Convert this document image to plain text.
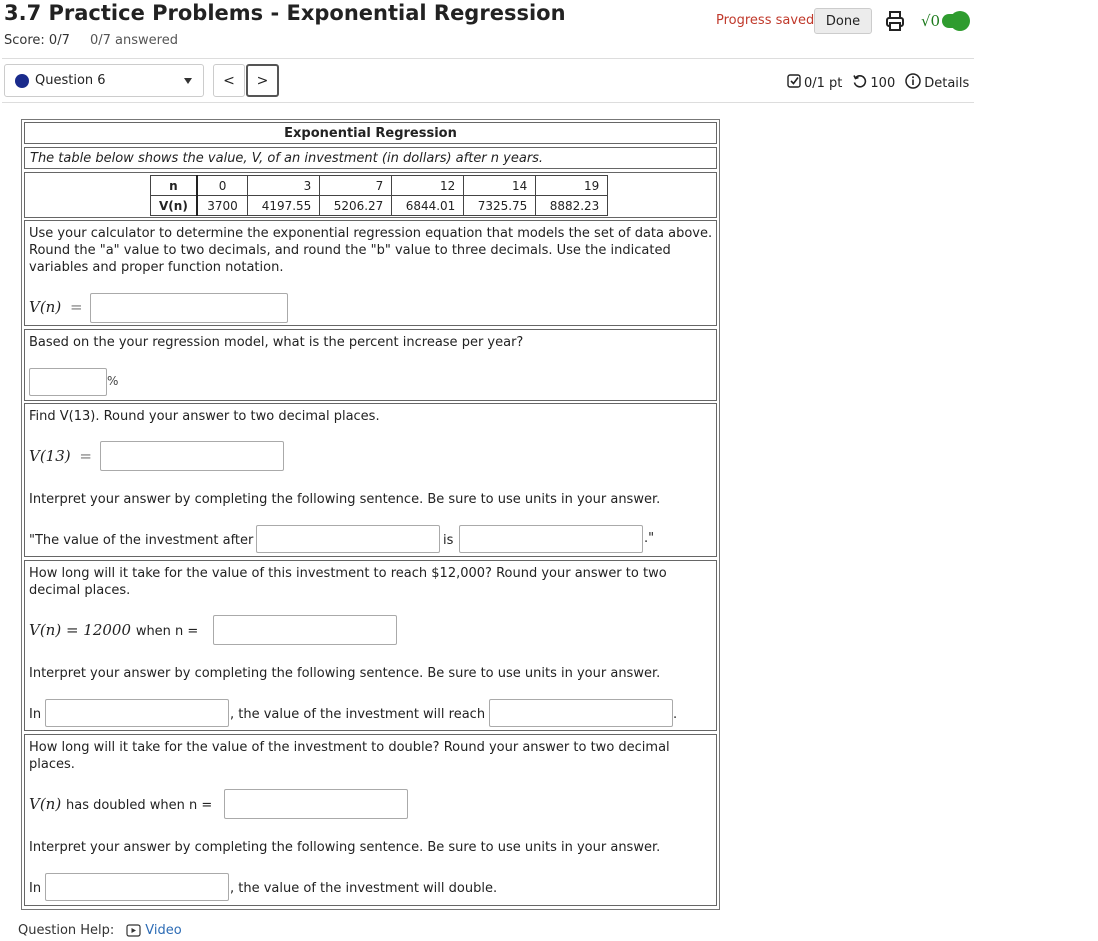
3.7 Practice Problems - Exponential Regression
Score: 0/7 0/7 answered
Progress saved Done	√0
Question 6	<	>	0/1 pt 100 Details
Exponential Regression
The table below shows the value, V, of an investment (in dollars) after n years.
n	0	3	7	12	14	19
V(n)	3700	4197.55	5206.27	6844.01	7325.75	8882.23
Use your calculator to determine the exponential regression equation that models the set of data above. Round the "a" value to two decimals, and round the "b" value to three decimals. Use the indicated variables and proper function notation.
V(n) =
Based on the your regression model, what is the percent increase per year?
%
Find V(13). Round your answer to two decimal places.
V(13) =
Interpret your answer by completing the following sentence. Be sure to use units in your answer.
"The value of the investment after	is	."
How long will it take for the value of this investment to reach $12,000? Round your answer to two decimal places.
V(n) = 12000 when n =
Interpret your answer by completing the following sentence. Be sure to use units in your answer.
In	, the value of the investment will reach	.
How long will it take for the value of the investment to double? Round your answer to two decimal places.
V(n) has doubled when n =
Interpret your answer by completing the following sentence. Be sure to use units in your answer.
In	, the value of the investment will double.
Question Help: Video
